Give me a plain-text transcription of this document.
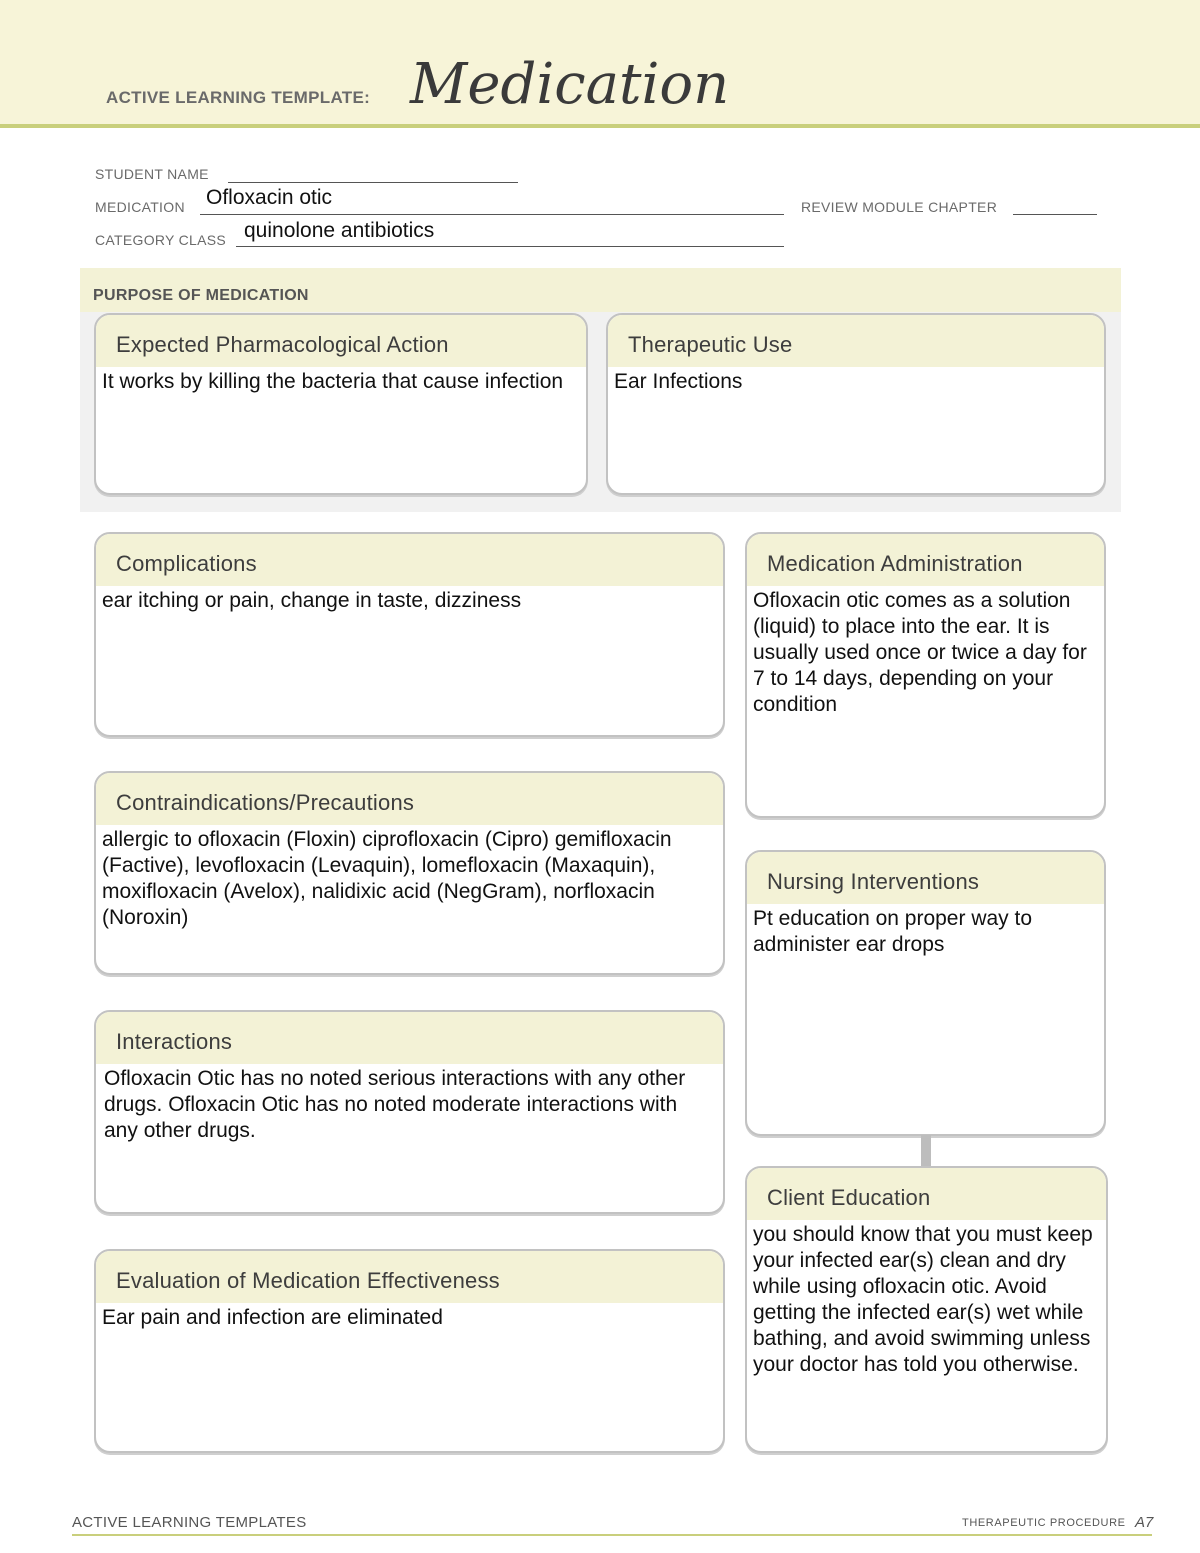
ACTIVE LEARNING TEMPLATE: Medication
STUDENT NAME
MEDICATION Ofloxacin otic	REVIEW MODULE CHAPTER
CATEGORY CLASS quinolone antibiotics
PURPOSE OF MEDICATION
Expected Pharmacological Action
It works by killing the bacteria that cause infection
Therapeutic Use
Ear Infections
Complications
ear itching or pain, change in taste, dizziness
Contraindications/Precautions
allergic to ofloxacin (Floxin) ciprofloxacin (Cipro) gemifloxacin (Factive), levofloxacin (Levaquin), lomefloxacin (Maxaquin), moxifloxacin (Avelox), nalidixic acid (NegGram), norfloxacin (Noroxin)
Interactions
Ofloxacin Otic has no noted serious interactions with any other drugs. Ofloxacin Otic has no noted moderate interactions with any other drugs.
Evaluation of Medication Effectiveness
Ear pain and infection are eliminated
Medication Administration
Ofloxacin otic comes as a solution (liquid) to place into the ear. It is usually used once or twice a day for 7 to 14 days, depending on your condition
Nursing Interventions
Pt education on proper way to administer ear drops
Client Education
you should know that you must keep your infected ear(s) clean and dry while using ofloxacin otic. Avoid getting the infected ear(s) wet while bathing, and avoid swimming unless your doctor has told you otherwise.
ACTIVE LEARNING TEMPLATES	THERAPEUTIC PROCEDURE A7
